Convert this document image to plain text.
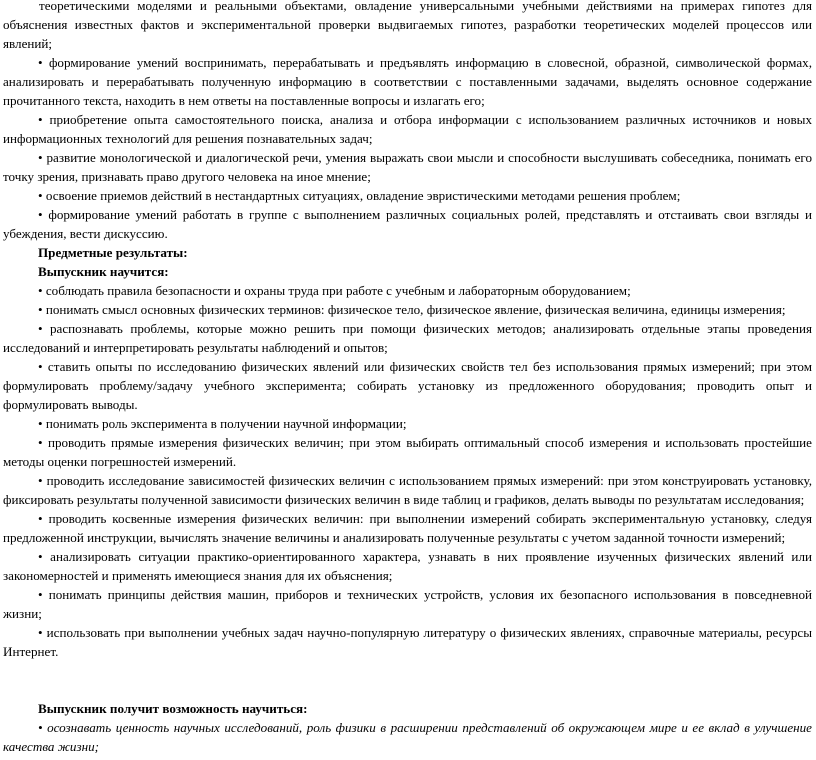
теоретическими моделями и реальными объектами, овладение универсальными учебными действиями на примерах гипотез для объяснения известных фактов и экспериментальной проверки выдвигаемых гипотез, разработки теоретических моделей процессов или явлений;

• формирование умений воспринимать, перерабатывать и предъявлять информацию в словесной, образной, символической формах, анализировать и перерабатывать полученную информацию в соответствии с поставленными задачами, выделять основное содержание прочитанного текста, находить в нем ответы на поставленные вопросы и излагать его;

• приобретение опыта самостоятельного поиска, анализа и отбора информации с использованием различных источников и новых информационных технологий для решения познавательных задач;

• развитие монологической и диалогической речи, умения выражать свои мысли и способности выслушивать собеседника, понимать его точку зрения, признавать право другого человека на иное мнение;

• освоение приемов действий в нестандартных ситуациях, овладение эвристическими методами решения проблем;

• формирование умений работать в группе с выполнением различных социальных ролей, представлять и отстаивать свои взгляды и убеждения, вести дискуссию.

Предметные результаты:

Выпускник научится:

• соблюдать правила безопасности и охраны труда при работе с учебным и лабораторным оборудованием;

• понимать смысл основных физических терминов: физическое тело, физическое явление, физическая величина, единицы измерения;

• распознавать проблемы, которые можно решить при помощи физических методов; анализировать отдельные этапы проведения исследований и интерпретировать результаты наблюдений и опытов;

• ставить опыты по исследованию физических явлений или физических свойств тел без использования прямых измерений; при этом формулировать проблему/задачу учебного эксперимента; собирать установку из предложенного оборудования; проводить опыт и формулировать выводы.

• понимать роль эксперимента в получении научной информации;

• проводить прямые измерения физических величин; при этом выбирать оптимальный способ измерения и использовать простейшие методы оценки погрешностей измерений.

• проводить исследование зависимостей физических величин с использованием прямых измерений: при этом конструировать установку, фиксировать результаты полученной зависимости физических величин в виде таблиц и графиков, делать выводы по результатам исследования;

• проводить косвенные измерения физических величин: при выполнении измерений собирать экспериментальную установку, следуя предложенной инструкции, вычислять значение величины и анализировать полученные результаты с учетом заданной точности измерений;

• анализировать ситуации практико-ориентированного характера, узнавать в них проявление изученных физических явлений или закономерностей и применять имеющиеся знания для их объяснения;

• понимать принципы действия машин, приборов и технических устройств, условия их безопасного использования в повседневной жизни;

• использовать при выполнении учебных задач научно-популярную литературу о физических явлениях, справочные материалы, ресурсы Интернет.

Выпускник получит возможность научиться:

• осознавать ценность научных исследований, роль физики в расширении представлений об окружающем мире и ее вклад в улучшение качества жизни;
